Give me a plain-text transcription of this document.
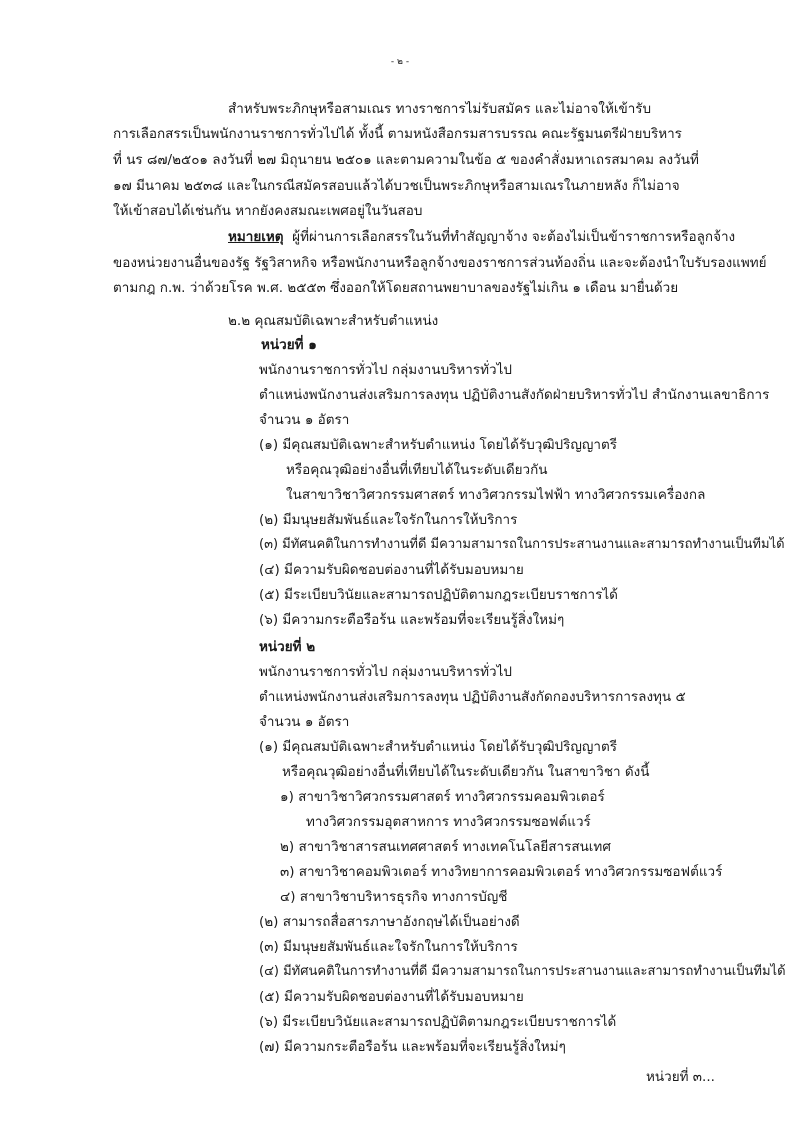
- ๒ -
สำหรับพระภิกษุหรือสามเณร ทางราชการไม่รับสมัคร และไม่อาจให้เข้ารับ
การเลือกสรรเป็นพนักงานราชการทั่วไปได้ ทั้งนี้ ตามหนังสือกรมสารบรรณ คณะรัฐมนตรีฝ่ายบริหาร
ที่ นร ๘๗/๒๕๐๑ ลงวันที่ ๒๗ มิถุนายน ๒๕๐๑ และตามความในข้อ ๕ ของคำสั่งมหาเถรสมาคม ลงวันที่
๑๗ มีนาคม ๒๕๓๘ และในกรณีสมัครสอบแล้วได้บวชเป็นพระภิกษุหรือสามเณรในภายหลัง ก็ไม่อาจ
ให้เข้าสอบได้เช่นกัน หากยังคงสมณะเพศอยู่ในวันสอบ
หมายเหตุ ผู้ที่ผ่านการเลือกสรรในวันที่ทำสัญญาจ้าง จะต้องไม่เป็นข้าราชการหรือลูกจ้าง
ของหน่วยงานอื่นของรัฐ รัฐวิสาหกิจ หรือพนักงานหรือลูกจ้างของราชการส่วนท้องถิ่น และจะต้องนำใบรับรองแพทย์
ตามกฎ ก.พ. ว่าด้วยโรค พ.ศ. ๒๕๕๓ ซึ่งออกให้โดยสถานพยาบาลของรัฐไม่เกิน ๑ เดือน มายื่นด้วย
๒.๒ คุณสมบัติเฉพาะสำหรับตำแหน่ง
หน่วยที่ ๑
พนักงานราชการทั่วไป กลุ่มงานบริหารทั่วไป
ตำแหน่งพนักงานส่งเสริมการลงทุน ปฏิบัติงานสังกัดฝ่ายบริหารทั่วไป สำนักงานเลขาธิการ
จำนวน ๑ อัตรา
(๑) มีคุณสมบัติเฉพาะสำหรับตำแหน่ง โดยได้รับวุฒิปริญญาตรี
หรือคุณวุฒิอย่างอื่นที่เทียบได้ในระดับเดียวกัน
ในสาขาวิชาวิศวกรรมศาสตร์ ทางวิศวกรรมไฟฟ้า ทางวิศวกรรมเครื่องกล
(๒) มีมนุษยสัมพันธ์และใจรักในการให้บริการ
(๓) มีทัศนคติในการทำงานที่ดี มีความสามารถในการประสานงานและสามารถทำงานเป็นทีมได้
(๔) มีความรับผิดชอบต่องานที่ได้รับมอบหมาย
(๕) มีระเบียบวินัยและสามารถปฏิบัติตามกฎระเบียบราชการได้
(๖) มีความกระตือรือร้น และพร้อมที่จะเรียนรู้สิ่งใหม่ๆ
หน่วยที่ ๒
พนักงานราชการทั่วไป กลุ่มงานบริหารทั่วไป
ตำแหน่งพนักงานส่งเสริมการลงทุน ปฏิบัติงานสังกัดกองบริหารการลงทุน ๕
จำนวน ๑ อัตรา
(๑) มีคุณสมบัติเฉพาะสำหรับตำแหน่ง โดยได้รับวุฒิปริญญาตรี
หรือคุณวุฒิอย่างอื่นที่เทียบได้ในระดับเดียวกัน ในสาขาวิชา ดังนี้
๑) สาขาวิชาวิศวกรรมศาสตร์ ทางวิศวกรรมคอมพิวเตอร์
ทางวิศวกรรมอุตสาหการ ทางวิศวกรรมซอฟต์แวร์
๒) สาขาวิชาสารสนเทศศาสตร์ ทางเทคโนโลยีสารสนเทศ
๓) สาขาวิชาคอมพิวเตอร์ ทางวิทยาการคอมพิวเตอร์ ทางวิศวกรรมซอฟต์แวร์
๔) สาขาวิชาบริหารธุรกิจ ทางการบัญชี
(๒) สามารถสื่อสารภาษาอังกฤษได้เป็นอย่างดี
(๓) มีมนุษยสัมพันธ์และใจรักในการให้บริการ
(๔) มีทัศนคติในการทำงานที่ดี มีความสามารถในการประสานงานและสามารถทำงานเป็นทีมได้
(๕) มีความรับผิดชอบต่องานที่ได้รับมอบหมาย
(๖) มีระเบียบวินัยและสามารถปฏิบัติตามกฎระเบียบราชการได้
(๗) มีความกระตือรือร้น และพร้อมที่จะเรียนรู้สิ่งใหม่ๆ
หน่วยที่ ๓...
